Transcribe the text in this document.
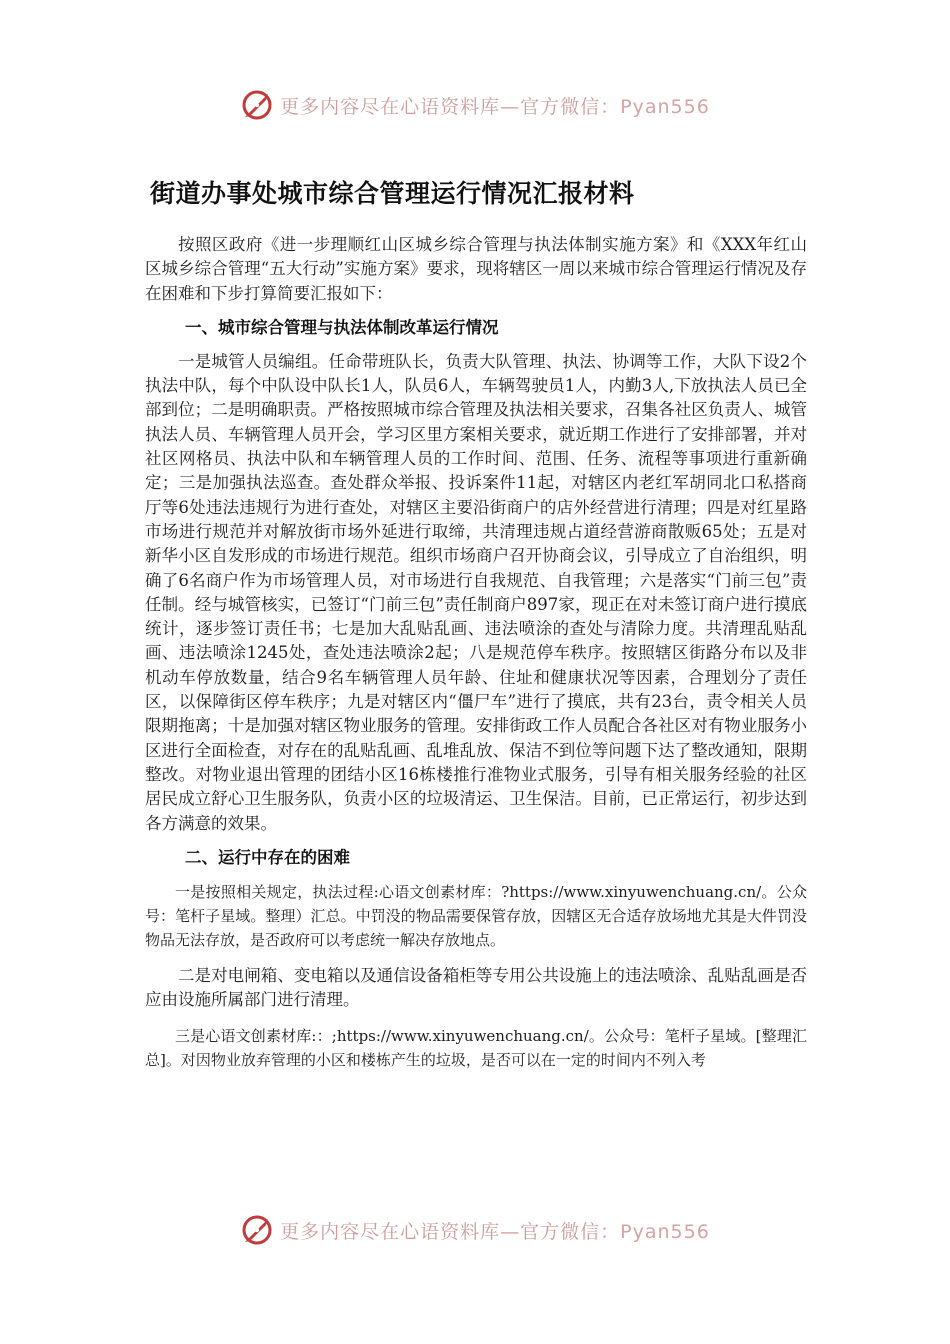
更多内容尽在心语资料库—官方微信：Pyan556
街道办事处城市综合管理运行情况汇报材料

按照区政府《进一步理顺红山区城乡综合管理与执法体制实施方案》和《XXX年红山区城乡综合管理“五大行动”实施方案》要求，现将辖区一周以来城市综合管理运行情况及存在困难和下步打算简要汇报如下：

一、城市综合管理与执法体制改革运行情况

一是城管人员编组。任命带班队长，负责大队管理、执法、协调等工作，大队下设2个执法中队，每个中队设中队长1人，队员6人，车辆驾驶员1人，内勤3人,下放执法人员已全部到位；二是明确职责。严格按照城市综合管理及执法相关要求，召集各社区负责人、城管执法人员、车辆管理人员开会，学习区里方案相关要求，就近期工作进行了安排部署，并对社区网格员、执法中队和车辆管理人员的工作时间、范围、任务、流程等事项进行重新确定；三是加强执法巡查。查处群众举报、投诉案件11起，对辖区内老红军胡同北口私搭商厅等6处违法违规行为进行查处，对辖区主要沿街商户的店外经营进行清理；四是对红星路市场进行规范并对解放街市场外延进行取缔，共清理违规占道经营游商散贩65处；五是对新华小区自发形成的市场进行规范。组织市场商户召开协商会议，引导成立了自治组织，明确了6名商户作为市场管理人员，对市场进行自我规范、自我管理；六是落实“门前三包”责任制。经与城管核实，已签订“门前三包”责任制商户897家，现正在对未签订商户进行摸底统计，逐步签订责任书；七是加大乱贴乱画、违法喷涂的查处与清除力度。共清理乱贴乱画、违法喷涂1245处，查处违法喷涂2起；八是规范停车秩序。按照辖区街路分布以及非机动车停放数量，结合9名车辆管理人员年龄、住址和健康状况等因素，合理划分了责任区，以保障街区停车秩序；九是对辖区内“僵尸车”进行了摸底，共有23台，责令相关人员限期拖离；十是加强对辖区物业服务的管理。安排街政工作人员配合各社区对有物业服务小区进行全面检查，对存在的乱贴乱画、乱堆乱放、保洁不到位等问题下达了整改通知，限期整改。对物业退出管理的团结小区16栋楼推行准物业式服务，引导有相关服务经验的社区居民成立舒心卫生服务队，负责小区的垃圾清运、卫生保洁。目前，已正常运行，初步达到各方满意的效果。

二、运行中存在的困难

一是按照相关规定，执法过程:心语文创素材库：?https://www.xinyuwenchuang.cn/。公众号：笔杆子星域。整理）汇总。中罚没的物品需要保管存放，因辖区无合适存放场地尤其是大件罚没物品无法存放，是否政府可以考虑统一解决存放地点。

二是对电闸箱、变电箱以及通信设备箱柜等专用公共设施上的违法喷涂、乱贴乱画是否应由设施所属部门进行清理。

三是心语文创素材库:：;https://www.xinyuwenchuang.cn/。公众号：笔杆子星域。[整理汇总]。对因物业放弃管理的小区和楼栋产生的垃圾，是否可以在一定的时间内不列入考

更多内容尽在心语资料库—官方微信：Pyan556
